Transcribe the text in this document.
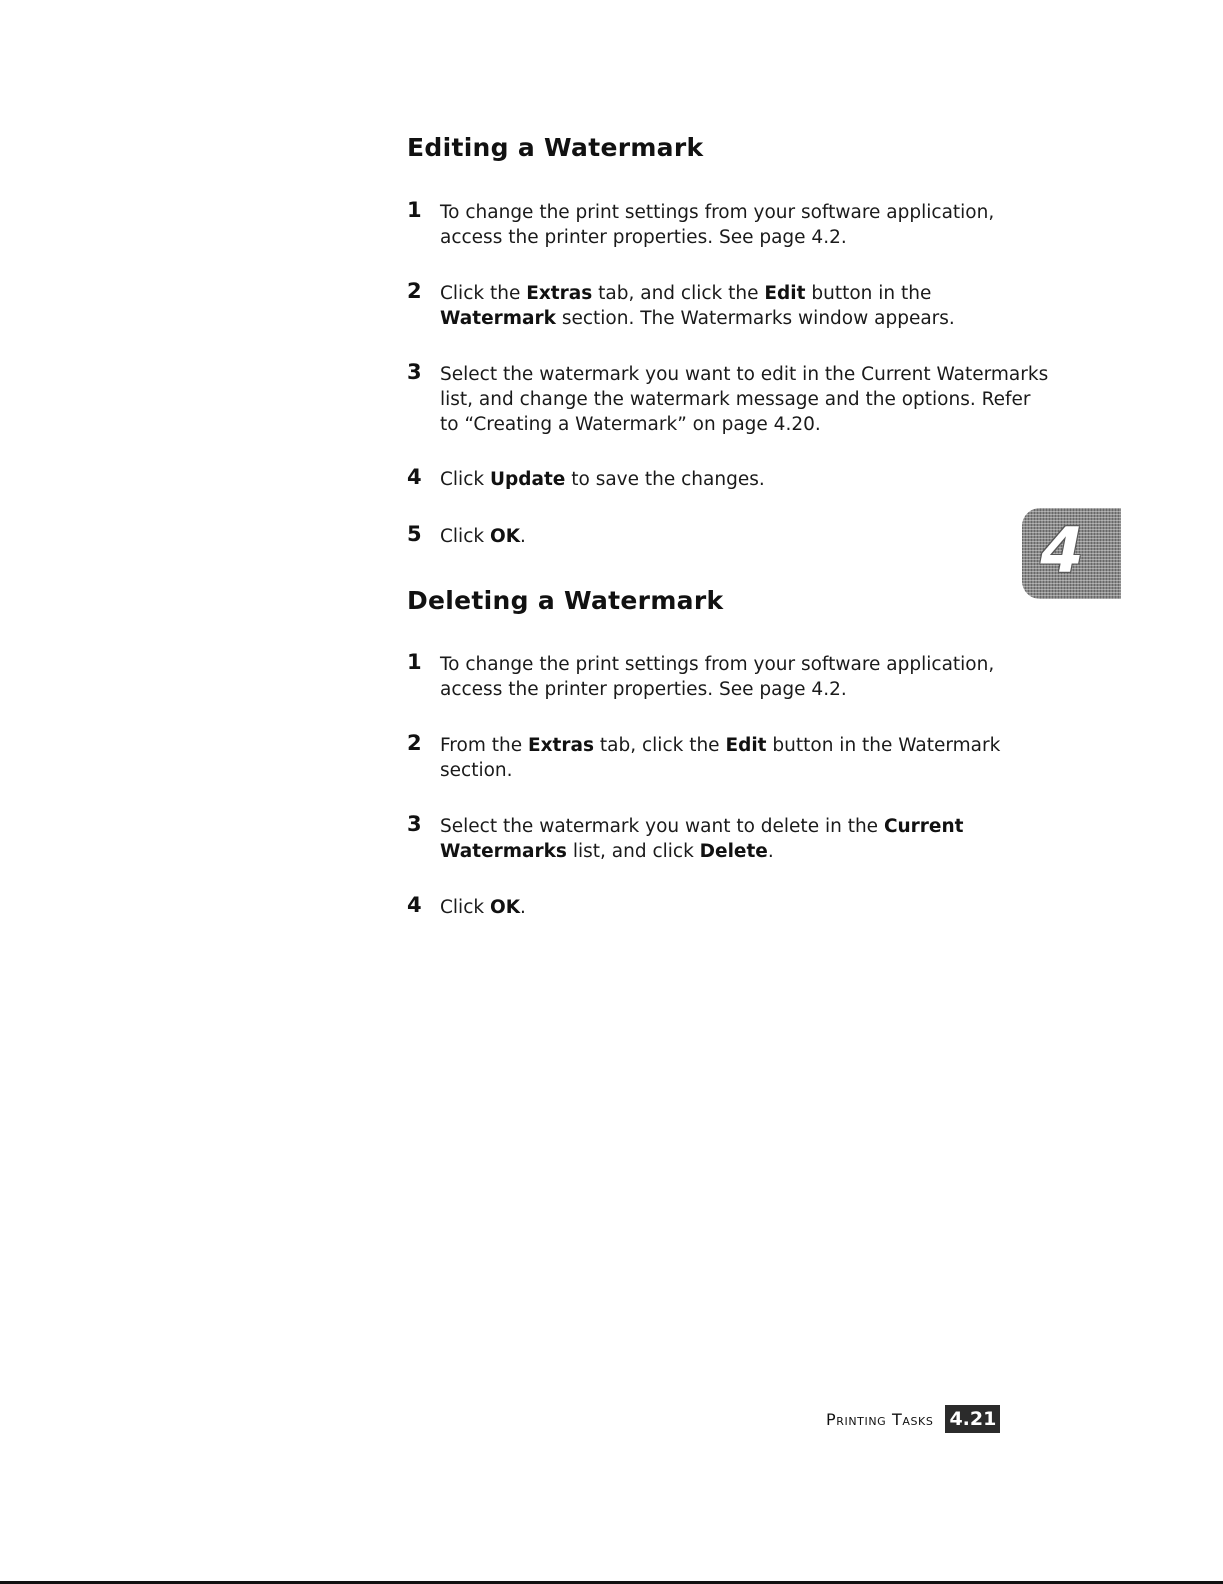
Editing a Watermark
1 To change the print settings from your software application, access the printer properties. See page 4.2.
2 Click the Extras tab, and click the Edit button in the Watermark section. The Watermarks window appears.
3 Select the watermark you want to edit in the Current Watermarks list, and change the watermark message and the options. Refer to “Creating a Watermark” on page 4.20.
4 Click Update to save the changes.
5 Click OK.
Deleting a Watermark
1 To change the print settings from your software application, access the printer properties. See page 4.2.
2 From the Extras tab, click the Edit button in the Watermark section.
3 Select the watermark you want to delete in the Current Watermarks list, and click Delete.
4 Click OK.
4
Printing Tasks 4.21
